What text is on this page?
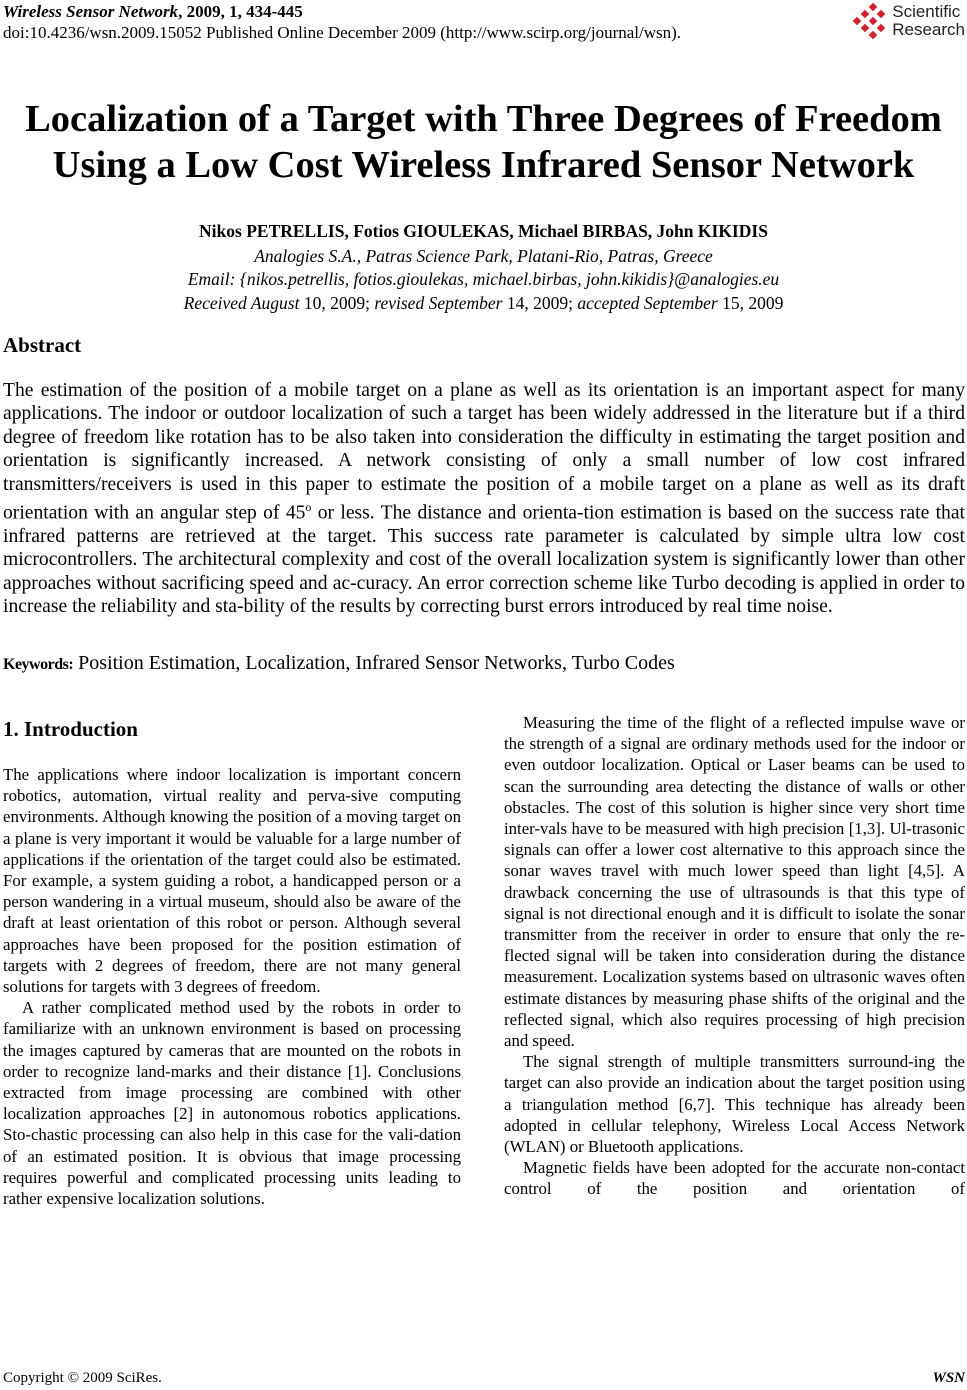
Wireless Sensor Network, 2009, 1, 434-445
doi:10.4236/wsn.2009.15052 Published Online December 2009 (http://www.scirp.org/journal/wsn).
Scientific
Research
Localization of a Target with Three Degrees of Freedom
Using a Low Cost Wireless Infrared Sensor Network
Nikos PETRELLIS, Fotios GIOULEKAS, Michael BIRBAS, John KIKIDIS
Analogies S.A., Patras Science Park, Platani-Rio, Patras, Greece
Email: {nikos.petrellis, fotios.gioulekas, michael.birbas, john.kikidis}@analogies.eu
Received August 10, 2009; revised September 14, 2009; accepted September 15, 2009
Abstract
The estimation of the position of a mobile target on a plane as well as its orientation is an important aspect for many applications. The indoor or outdoor localization of such a target has been widely addressed in the literature but if a third degree of freedom like rotation has to be also taken into consideration the difficulty in estimating the target position and orientation is significantly increased. A network consisting of only a small number of low cost infrared transmitters/receivers is used in this paper to estimate the position of a mobile target on a plane as well as its draft orientation with an angular step of 45$^o$ or less. The distance and orienta-tion estimation is based on the success rate that infrared patterns are retrieved at the target. This success rate parameter is calculated by simple ultra low cost microcontrollers. The architectural complexity and cost of the overall localization system is significantly lower than other approaches without sacrificing speed and ac-curacy. An error correction scheme like Turbo decoding is applied in order to increase the reliability and sta-bility of the results by correcting burst errors introduced by real time noise.
Keywords: Position Estimation, Localization, Infrared Sensor Networks, Turbo Codes
1. Introduction

The applications where indoor localization is important concern robotics, automation, virtual reality and perva-sive computing environments. Although knowing the position of a moving target on a plane is very important it would be valuable for a large number of applications if the orientation of the target could also be estimated. For example, a system guiding a robot, a handicapped person or a person wandering in a virtual museum, should also be aware of the draft at least orientation of this robot or person. Although several approaches have been proposed for the position estimation of targets with 2 degrees of freedom, there are not many general solutions for targets with 3 degrees of freedom.

A rather complicated method used by the robots in order to familiarize with an unknown environment is based on processing the images captured by cameras that are mounted on the robots in order to recognize land-marks and their distance [1]. Conclusions extracted from image processing are combined with other localization approaches [2] in autonomous robotics applications. Sto-chastic processing can also help in this case for the vali-dation of an estimated position. It is obvious that image processing requires powerful and complicated processing units leading to rather expensive localization solutions.

Measuring the time of the flight of a reflected impulse wave or the strength of a signal are ordinary methods used for the indoor or even outdoor localization. Optical or Laser beams can be used to scan the surrounding area detecting the distance of walls or other obstacles. The cost of this solution is higher since very short time inter-vals have to be measured with high precision [1,3]. Ul-trasonic signals can offer a lower cost alternative to this approach since the sonar waves travel with much lower speed than light [4,5]. A drawback concerning the use of ultrasounds is that this type of signal is not directional enough and it is difficult to isolate the sonar transmitter from the receiver in order to ensure that only the re-flected signal will be taken into consideration during the distance measurement. Localization systems based on ultrasonic waves often estimate distances by measuring phase shifts of the original and the reflected signal, which also requires processing of high precision and speed.

The signal strength of multiple transmitters surround-ing the target can also provide an indication about the target position using a triangulation method [6,7]. This technique has already been adopted in cellular telephony, Wireless Local Access Network (WLAN) or Bluetooth applications.

Magnetic fields have been adopted for the accurate non-contact control of the position and orientation of

Copyright © 2009 SciRes.	WSN
